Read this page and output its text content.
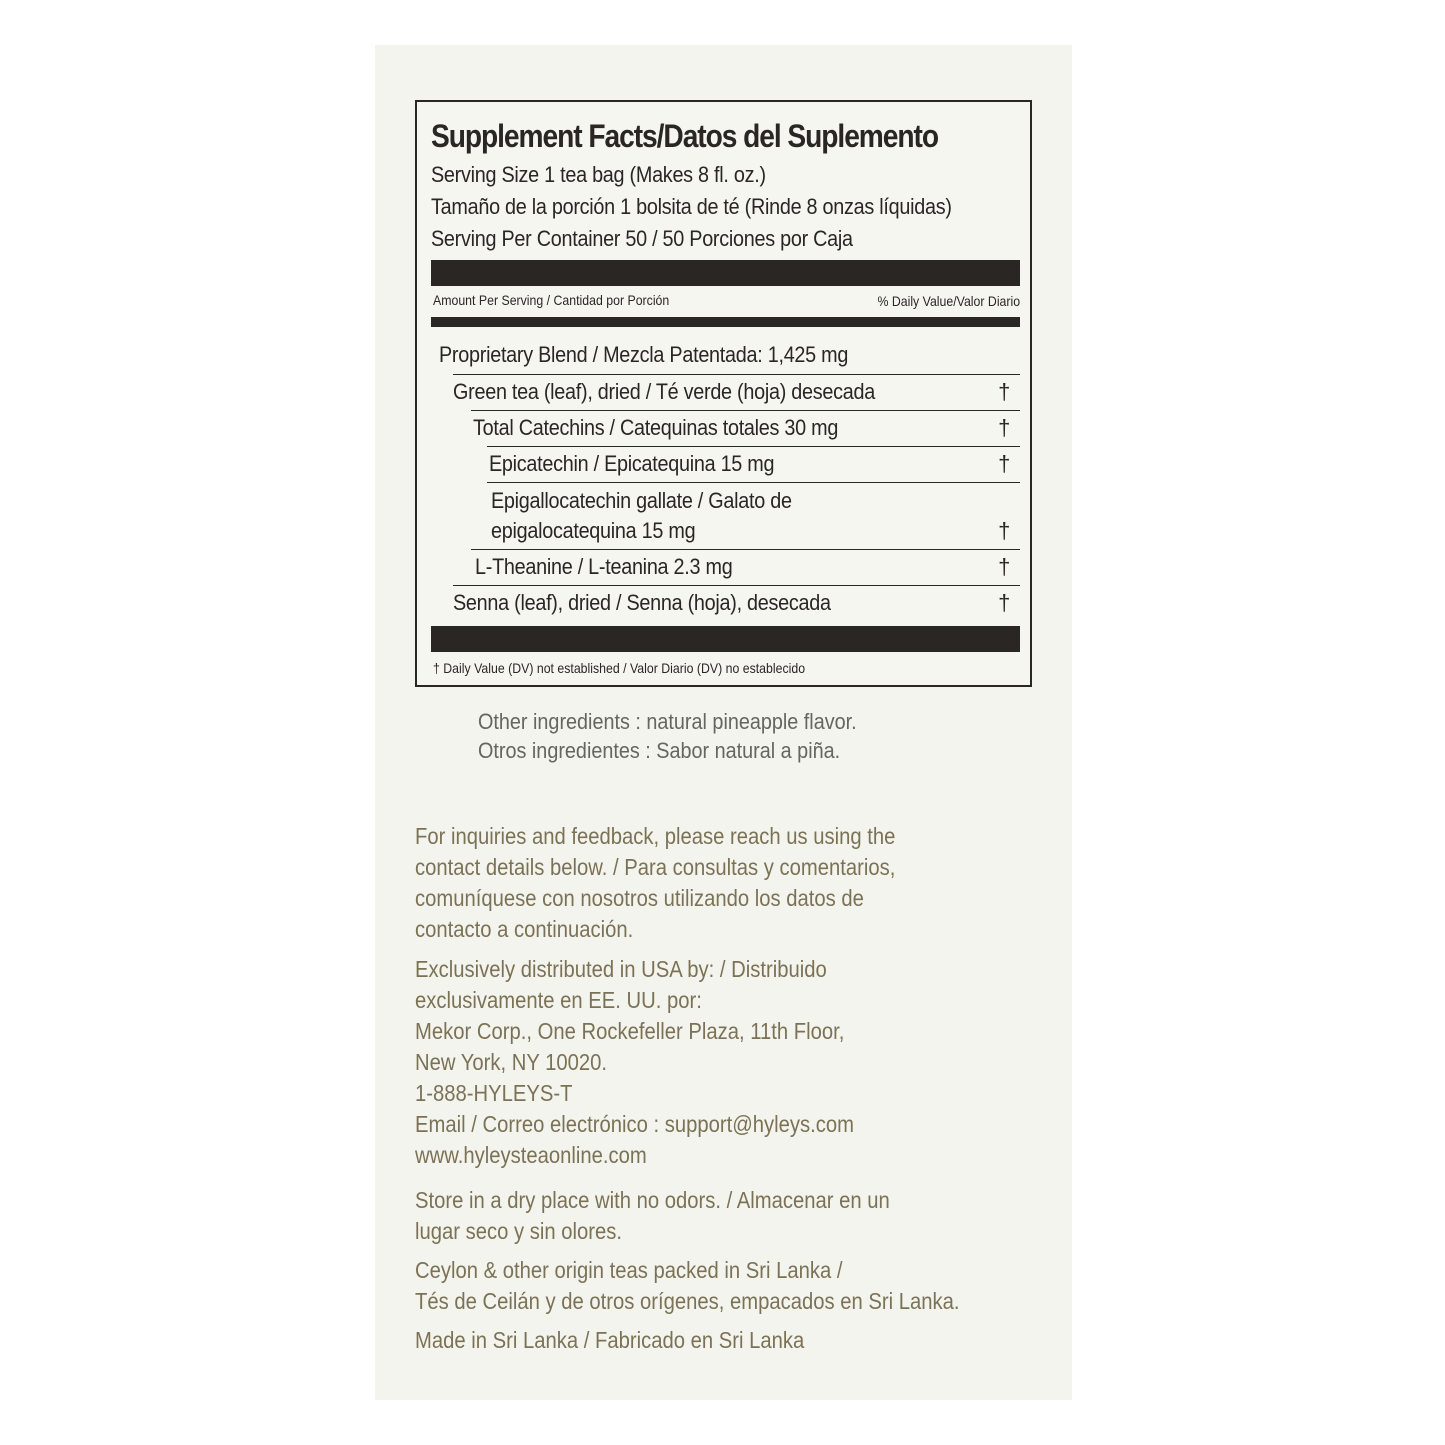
Supplement Facts/Datos del Suplemento
Serving Size 1 tea bag (Makes 8 fl. oz.)
Tamaño de la porción 1 bolsita de té (Rinde 8 onzas líquidas)
Serving Per Container 50 / 50 Porciones por Caja
Amount Per Serving / Cantidad por Porción	% Daily Value/Valor Diario
Proprietary Blend / Mezcla Patentada: 1,425 mg
Green tea (leaf), dried / Té verde (hoja) desecada	†
Total Catechins / Catequinas totales 30 mg	†
Epicatechin / Epicatequina 15 mg	†
Epigallocatechin gallate / Galato de
epigalocatequina 15 mg	†
L-Theanine / L-teanina 2.3 mg	†
Senna (leaf), dried / Senna (hoja), desecada	†
† Daily Value (DV) not established / Valor Diario (DV) no establecido
Other ingredients : natural pineapple flavor.
Otros ingredientes : Sabor natural a piña.
For inquiries and feedback, please reach us using the
contact details below. / Para consultas y comentarios,
comuníquese con nosotros utilizando los datos de
contacto a continuación.
Exclusively distributed in USA by: / Distribuido
exclusivamente en EE. UU. por:
Mekor Corp., One Rockefeller Plaza, 11th Floor,
New York, NY 10020.
1-888-HYLEYS-T
Email / Correo electrónico : support@hyleys.com
www.hyleysteaonline.com
Store in a dry place with no odors. / Almacenar en un
lugar seco y sin olores.
Ceylon & other origin teas packed in Sri Lanka /
Tés de Ceilán y de otros orígenes, empacados en Sri Lanka.
Made in Sri Lanka / Fabricado en Sri Lanka
